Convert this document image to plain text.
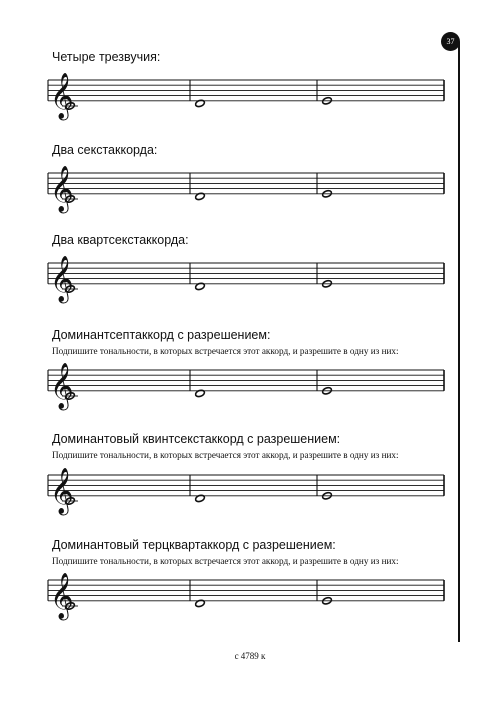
37

Четыре трезвучия:

𝄞

Два секстаккорда:

𝄞

Два квартсекстаккорда:

𝄞

Доминантсептаккорд с разрешением:

Подпишите тональности, в которых встречается этот аккорд, и разрешите в одну из них:

𝄞

Доминантовый квинтсекстаккорд с разрешением:

Подпишите тональности, в которых встречается этот аккорд, и разрешите в одну из них:

𝄞

Доминантовый терцквартаккорд с разрешением:

Подпишите тональности, в которых встречается этот аккорд, и разрешите в одну из них:

𝄞
с 4789 к
